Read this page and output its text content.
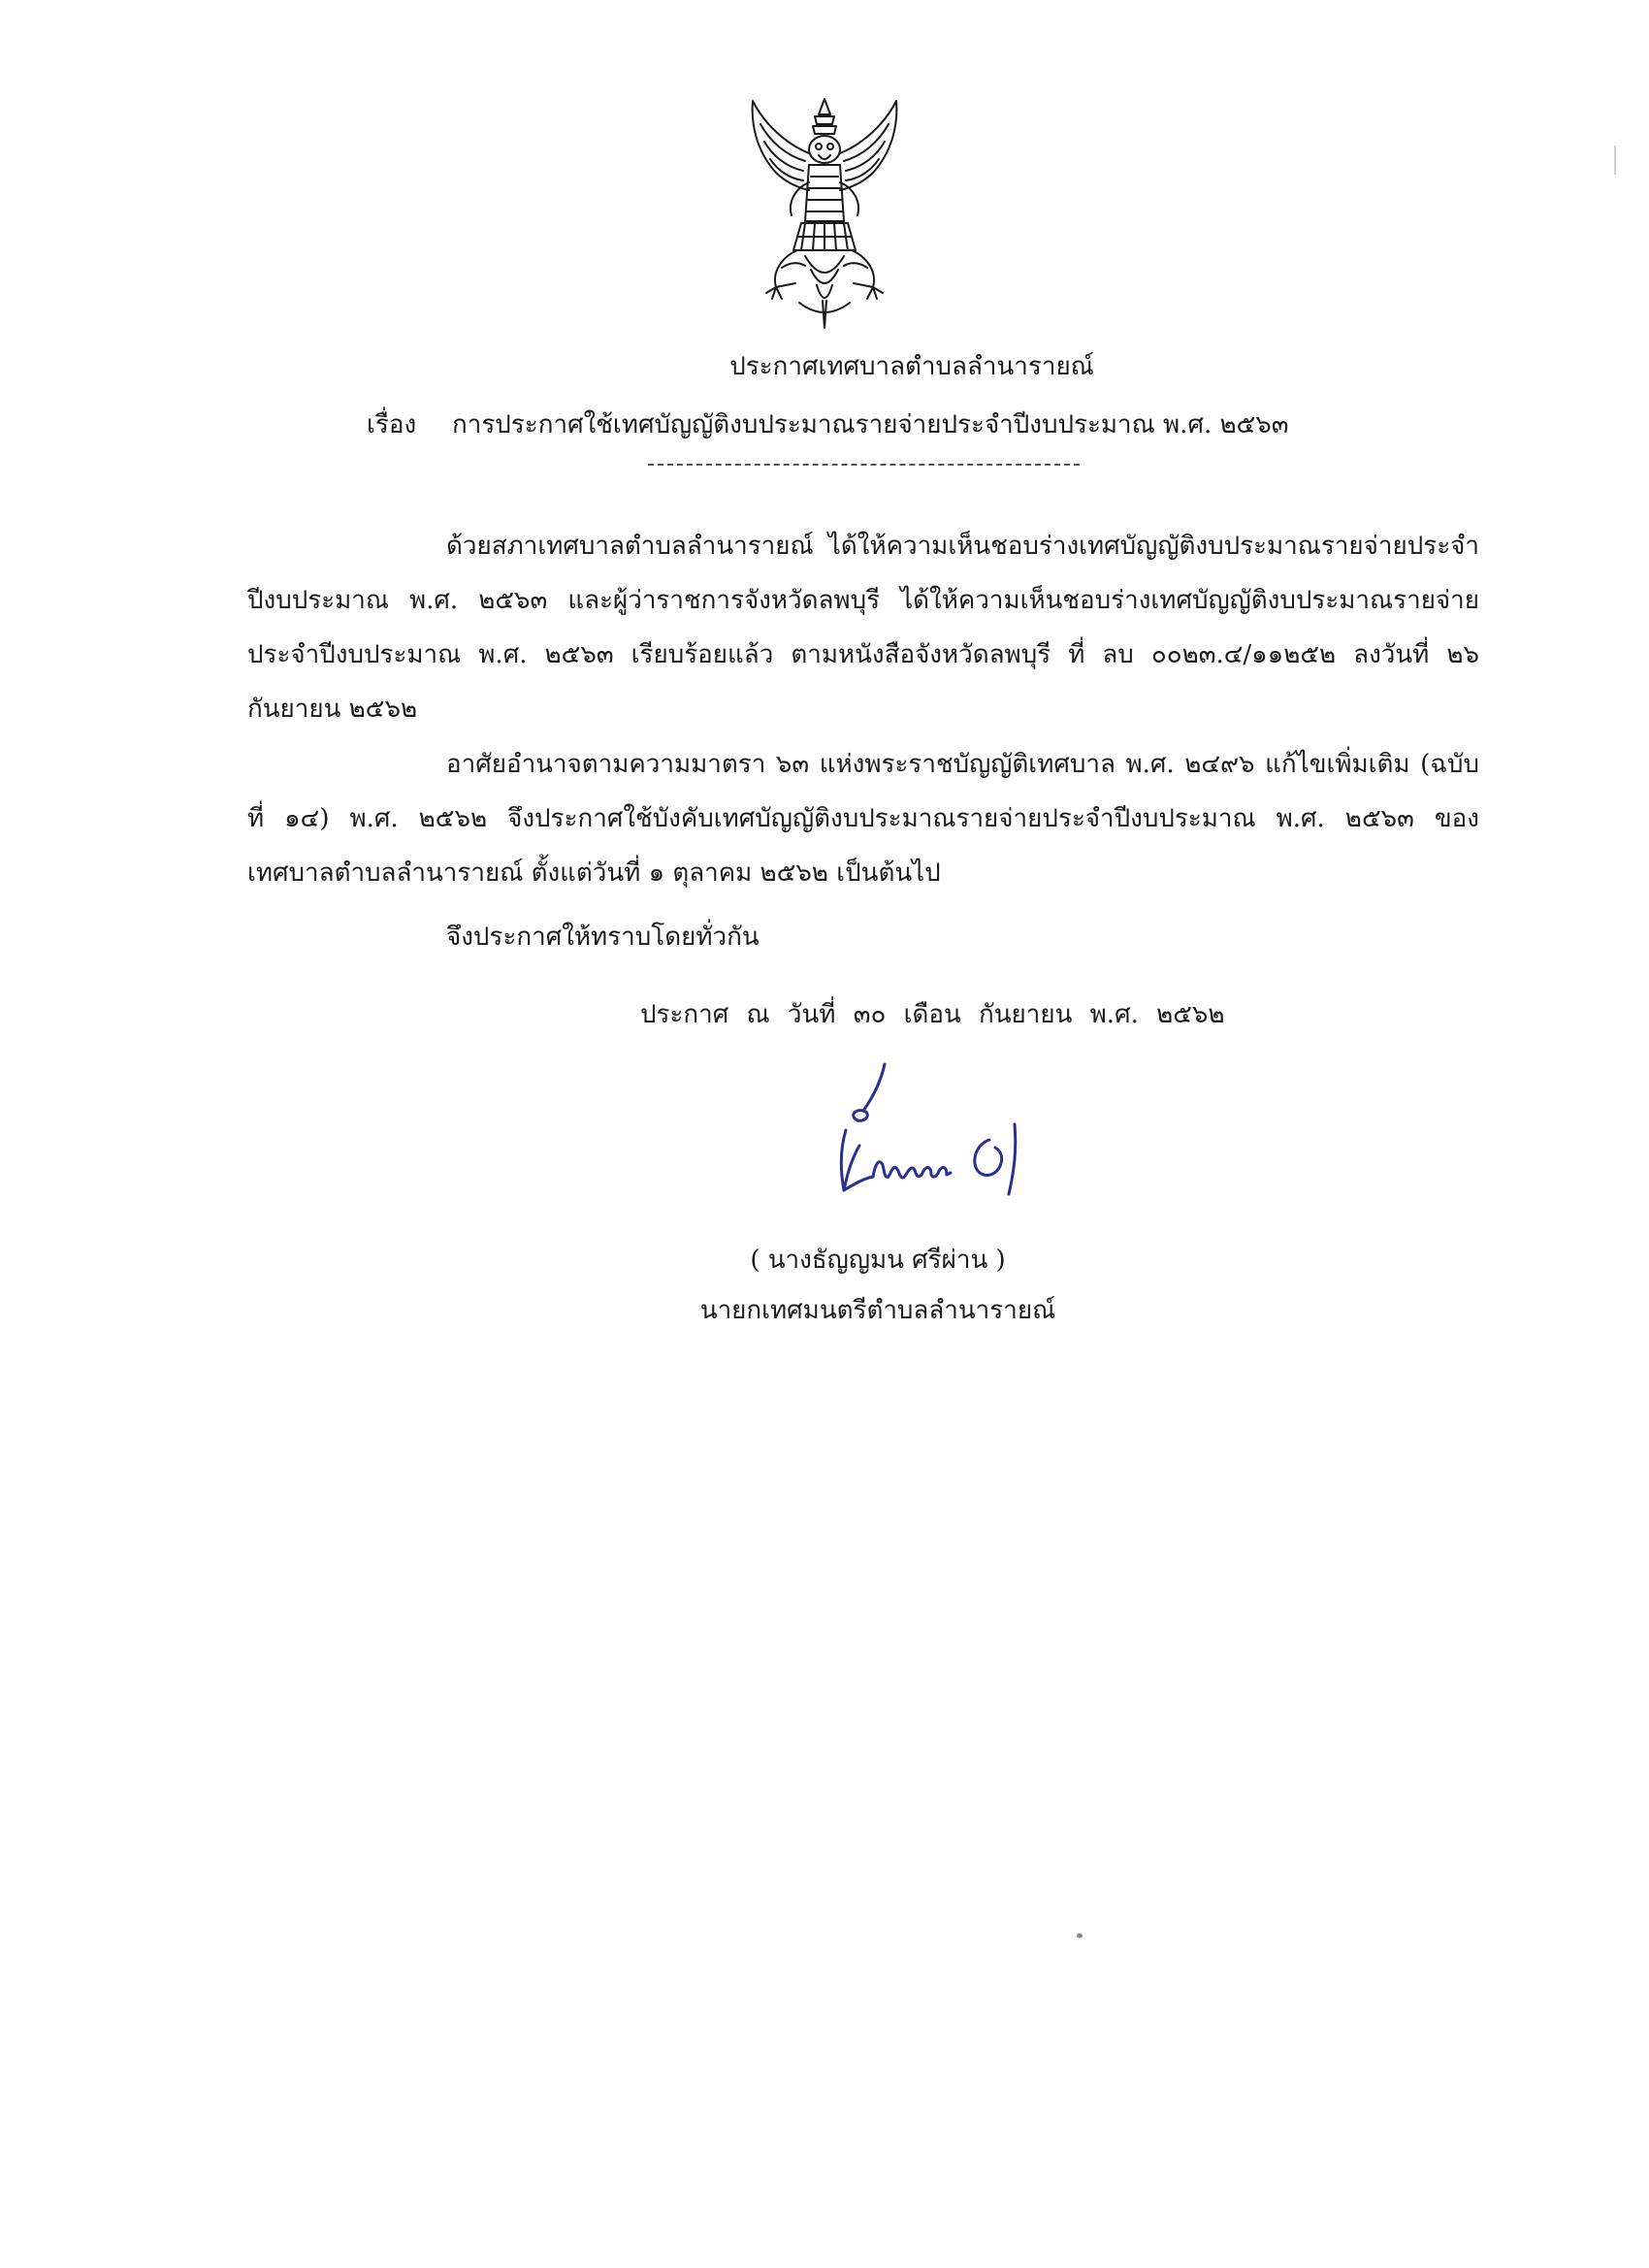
ประกาศเทศบาลตำบลลำนารายณ์
เรื่อง การประกาศใช้เทศบัญญัติงบประมาณรายจ่ายประจำปีงบประมาณ พ.ศ. ๒๕๖๓

ด้วยสภาเทศบาลตำบลลำนารายณ์ ได้ให้ความเห็นชอบร่างเทศบัญญัติงบประมาณรายจ่ายประจำปีงบประมาณ พ.ศ. ๒๕๖๓ และผู้ว่าราชการจังหวัดลพบุรี ได้ให้ความเห็นชอบร่างเทศบัญญัติงบประมาณรายจ่ายประจำปีงบประมาณ พ.ศ. ๒๕๖๓ เรียบร้อยแล้ว ตามหนังสือจังหวัดลพบุรี ที่ ลบ ๐๐๒๓.๔/๑๑๒๕๒ ลงวันที่ ๒๖ กันยายน ๒๕๖๒

อาศัยอำนาจตามความมาตรา ๖๓ แห่งพระราชบัญญัติเทศบาล พ.ศ. ๒๔๙๖ แก้ไขเพิ่มเติม (ฉบับที่ ๑๔) พ.ศ. ๒๕๖๒ จึงประกาศใช้บังคับเทศบัญญัติงบประมาณรายจ่ายประจำปีงบประมาณ พ.ศ. ๒๕๖๓ ของเทศบาลตำบลลำนารายณ์ ตั้งแต่วันที่ ๑ ตุลาคม ๒๕๖๒ เป็นต้นไป

จึงประกาศให้ทราบโดยทั่วกัน
ประกาศ ณ วันที่ ๓๐ เดือน กันยายน พ.ศ. ๒๕๖๒
( นางธัญญมน ศรีผ่าน )
นายกเทศมนตรีตำบลลำนารายณ์
